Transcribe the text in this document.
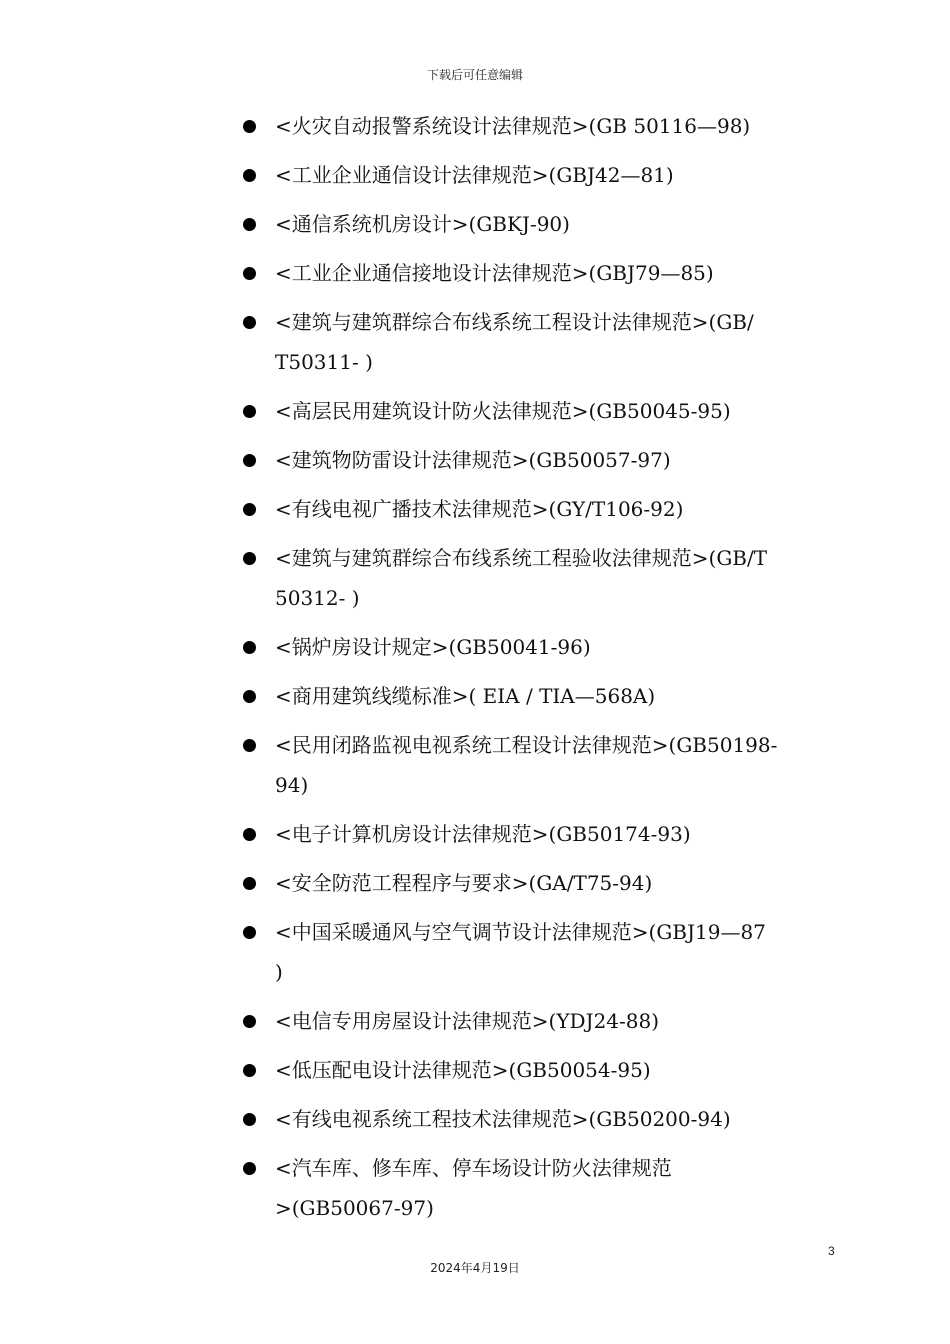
下载后可任意编辑
<火灾自动报警系统设计法律规范>(GB 50116—98)
<工业企业通信设计法律规范>(GBJ42—81)
<通信系统机房设计>(GBKJ-90)
<工业企业通信接地设计法律规范>(GBJ79—85)
<建筑与建筑群综合布线系统工程设计法律规范>(GB/
T50311- )
<高层民用建筑设计防火法律规范>(GB50045-95)
<建筑物防雷设计法律规范>(GB50057-97)
<有线电视广播技术法律规范>(GY/T106-92)
<建筑与建筑群综合布线系统工程验收法律规范>(GB/T
50312- )
<锅炉房设计规定>(GB50041-96)
<商用建筑线缆标准>( EIA / TIA—568A)
<民用闭路监视电视系统工程设计法律规范>(GB50198-
94)
<电子计算机房设计法律规范>(GB50174-93)
<安全防范工程程序与要求>(GA/T75-94)
<中国采暖通风与空气调节设计法律规范>(GBJ19—87
)
<电信专用房屋设计法律规范>(YDJ24-88)
<低压配电设计法律规范>(GB50054-95)
<有线电视系统工程技术法律规范>(GB50200-94)
<汽车库、修车库、停车场设计防火法律规范
>(GB50067-97)
3
2024年4月19日
